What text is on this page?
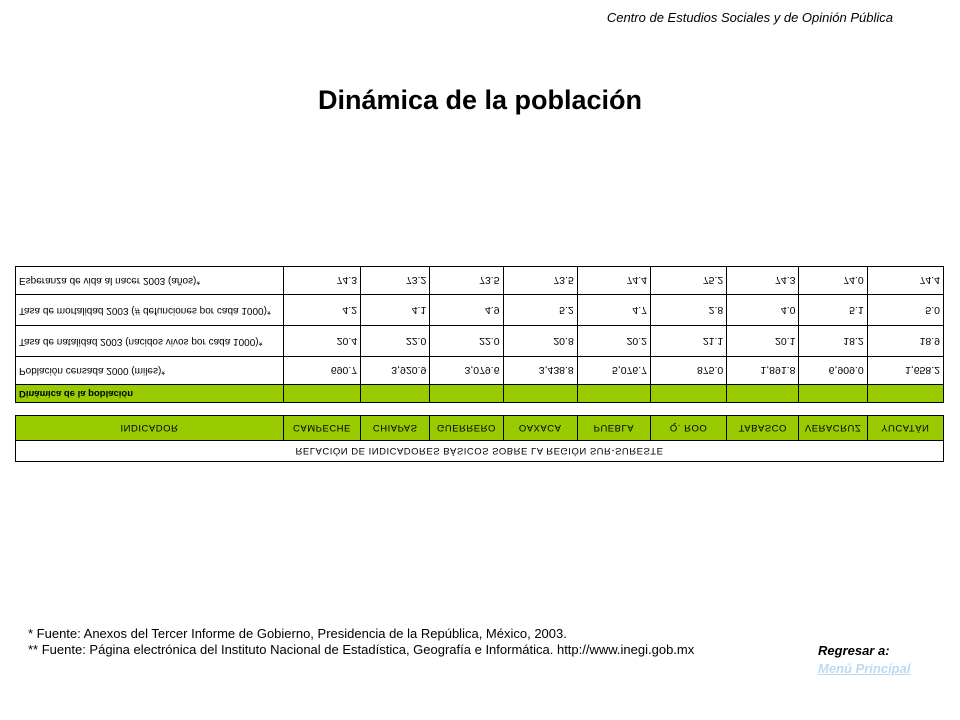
Centro de Estudios Sociales y de Opinión Pública
Dinámica de la población
RELACIÓN DE INDICADORES BÁSICOS SOBRE LA REGIÓN SUR-SURESTE
INDICADOR	CAMPECHE	CHIAPAS	GUERRERO	OAXACA	PUEBLA	Q. ROO	TABASCO	VERACRUZ	YUCATÁN
Dinámica de la población									
Población censada 2000 (miles)*	690.7	3,920.9	3,079.6	3,438.8	5,076.7	875.0	1,891.8	6,909.0	1,658.2
Tasa de natalidad 2003 (nacidos vivos por cada 1000)*	20.4	22.0	22.0	20.8	20.2	21.1	20.1	18.2	18.9
Tasa de mortalidad 2003 (# defunciones por cada 1000)*	4.2	4.1	4.9	5.2	4.7	2.8	4.0	5.1	5.0
Esperanza de vida al nacer 2003 (años)*	74.3	73.2	73.5	73.5	74.4	75.2	74.3	74.0	74.4
* Fuente: Anexos del Tercer Informe de Gobierno, Presidencia de la República, México, 2003.
** Fuente: Página electrónica del Instituto Nacional de Estadística, Geografía e Informática. http://www.inegi.gob.mx	Regresar a:
Menú Principal
